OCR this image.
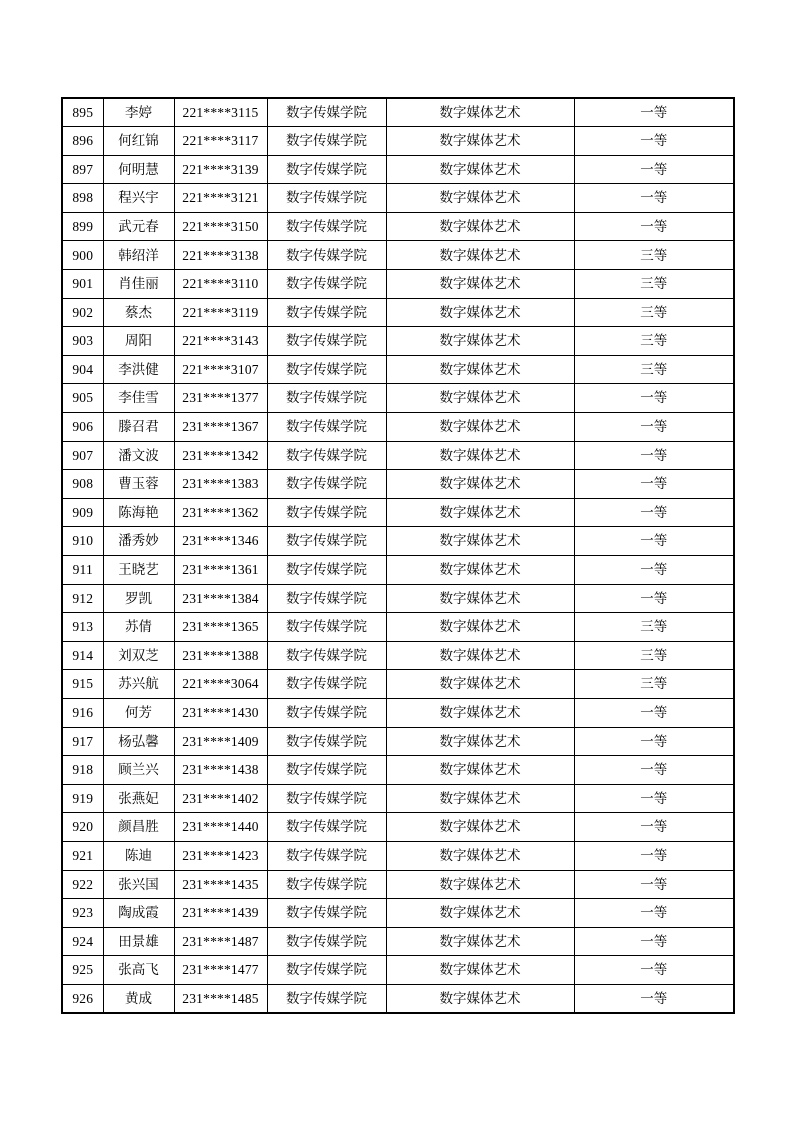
895	李婷	221****3115	数字传媒学院	数字媒体艺术	一等
896	何红锦	221****3117	数字传媒学院	数字媒体艺术	一等
897	何明慧	221****3139	数字传媒学院	数字媒体艺术	一等
898	程兴宇	221****3121	数字传媒学院	数字媒体艺术	一等
899	武元春	221****3150	数字传媒学院	数字媒体艺术	一等
900	韩绍洋	221****3138	数字传媒学院	数字媒体艺术	三等
901	肖佳丽	221****3110	数字传媒学院	数字媒体艺术	三等
902	蔡杰	221****3119	数字传媒学院	数字媒体艺术	三等
903	周阳	221****3143	数字传媒学院	数字媒体艺术	三等
904	李洪健	221****3107	数字传媒学院	数字媒体艺术	三等
905	李佳雪	231****1377	数字传媒学院	数字媒体艺术	一等
906	滕召君	231****1367	数字传媒学院	数字媒体艺术	一等
907	潘文波	231****1342	数字传媒学院	数字媒体艺术	一等
908	曹玉蓉	231****1383	数字传媒学院	数字媒体艺术	一等
909	陈海艳	231****1362	数字传媒学院	数字媒体艺术	一等
910	潘秀妙	231****1346	数字传媒学院	数字媒体艺术	一等
911	王晓艺	231****1361	数字传媒学院	数字媒体艺术	一等
912	罗凯	231****1384	数字传媒学院	数字媒体艺术	一等
913	苏倩	231****1365	数字传媒学院	数字媒体艺术	三等
914	刘双芝	231****1388	数字传媒学院	数字媒体艺术	三等
915	苏兴航	221****3064	数字传媒学院	数字媒体艺术	三等
916	何芳	231****1430	数字传媒学院	数字媒体艺术	一等
917	杨弘馨	231****1409	数字传媒学院	数字媒体艺术	一等
918	顾兰兴	231****1438	数字传媒学院	数字媒体艺术	一等
919	张燕妃	231****1402	数字传媒学院	数字媒体艺术	一等
920	颜昌胜	231****1440	数字传媒学院	数字媒体艺术	一等
921	陈迪	231****1423	数字传媒学院	数字媒体艺术	一等
922	张兴国	231****1435	数字传媒学院	数字媒体艺术	一等
923	陶成霞	231****1439	数字传媒学院	数字媒体艺术	一等
924	田景雄	231****1487	数字传媒学院	数字媒体艺术	一等
925	张高飞	231****1477	数字传媒学院	数字媒体艺术	一等
926	黄成	231****1485	数字传媒学院	数字媒体艺术	一等
